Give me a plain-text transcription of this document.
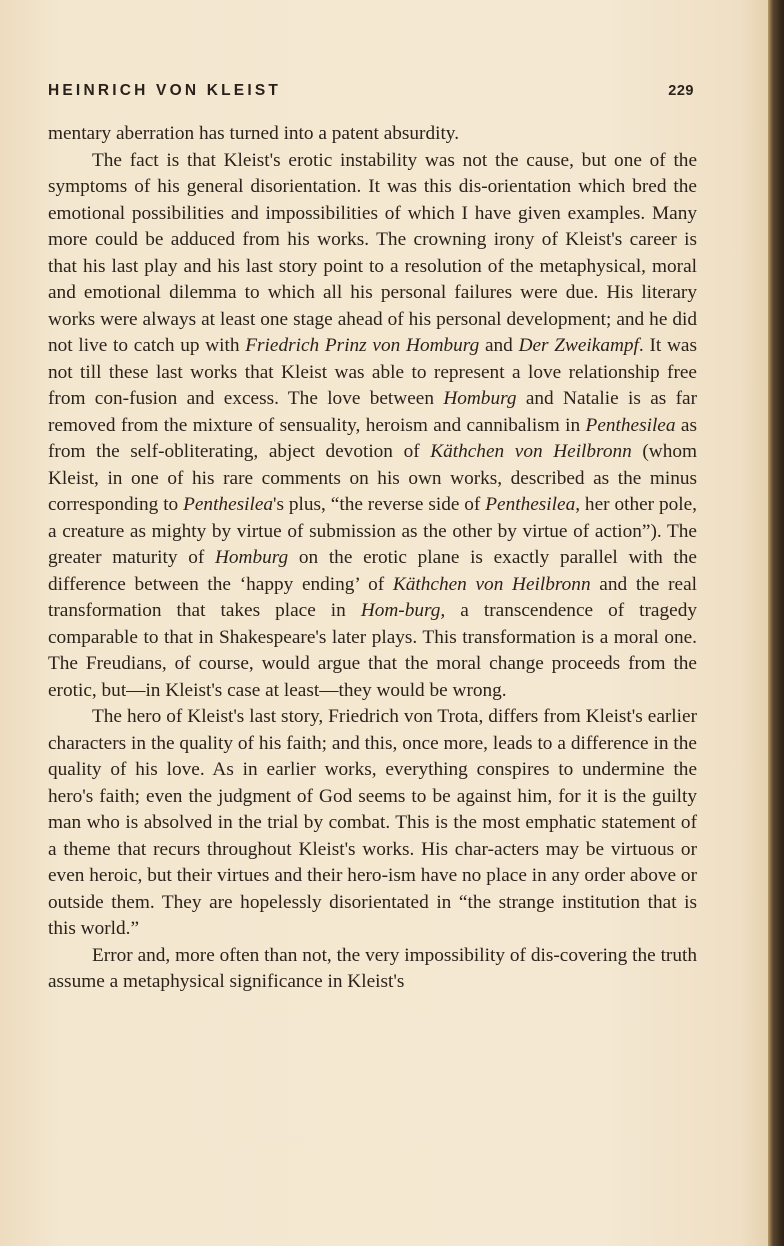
HEINRICH VON KLEIST	229

mentary aberration has turned into a patent absurdity.

The fact is that Kleist's erotic instability was not the cause, but one of the symptoms of his general disorientation. It was this dis-orientation which bred the emotional possibilities and impossibilities of which I have given examples. Many more could be adduced from his works. The crowning irony of Kleist's career is that his last play and his last story point to a resolution of the metaphysical, moral and emotional dilemma to which all his personal failures were due. His literary works were always at least one stage ahead of his personal development; and he did not live to catch up with Friedrich Prinz von Homburg and Der Zweikampf. It was not till these last works that Kleist was able to represent a love relationship free from con-fusion and excess. The love between Homburg and Natalie is as far removed from the mixture of sensuality, heroism and cannibalism in Penthesilea as from the self-obliterating, abject devotion of Käthchen von Heilbronn (whom Kleist, in one of his rare comments on his own works, described as the minus corresponding to Penthesilea's plus, “the reverse side of Penthesilea, her other pole, a creature as mighty by virtue of submission as the other by virtue of action”). The greater maturity of Homburg on the erotic plane is exactly parallel with the difference between the ‘happy ending’ of Käthchen von Heilbronn and the real transformation that takes place in Hom-burg, a transcendence of tragedy comparable to that in Shakespeare's later plays. This transformation is a moral one. The Freudians, of course, would argue that the moral change proceeds from the erotic, but—in Kleist's case at least—they would be wrong.

The hero of Kleist's last story, Friedrich von Trota, differs from Kleist's earlier characters in the quality of his faith; and this, once more, leads to a difference in the quality of his love. As in earlier works, everything conspires to undermine the hero's faith; even the judgment of God seems to be against him, for it is the guilty man who is absolved in the trial by combat. This is the most emphatic statement of a theme that recurs throughout Kleist's works. His char-acters may be virtuous or even heroic, but their virtues and their hero-ism have no place in any order above or outside them. They are hopelessly disorientated in “the strange institution that is this world.”

Error and, more often than not, the very impossibility of dis-covering the truth assume a metaphysical significance in Kleist's
